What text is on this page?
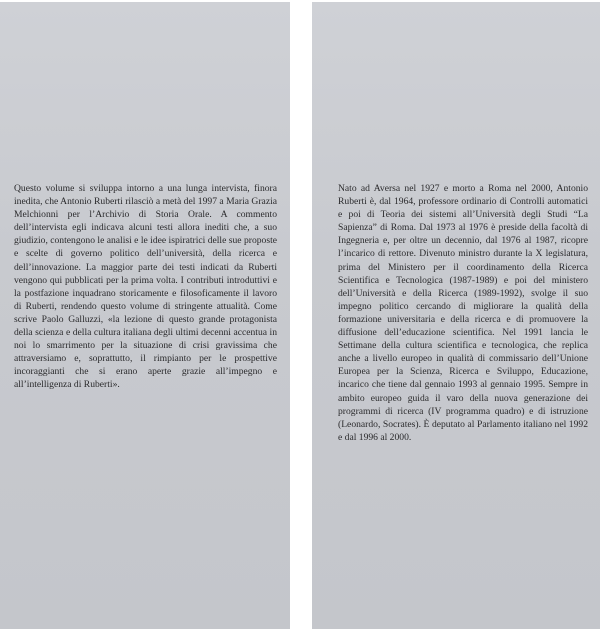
Questo volume si sviluppa intorno a una lunga intervista, finora inedita, che Antonio Ruberti rilasciò a metà del 1997 a Maria Grazia Melchionni per l’Archivio di Storia Orale. A commento dell’intervista egli indicava alcuni testi allora inediti che, a suo giudizio, contengono le analisi e le idee ispiratrici delle sue proposte e scelte di governo politico dell’università, della ricerca e dell’innovazione. La maggior parte dei testi indicati da Ruberti vengono qui pubblicati per la prima volta. I contributi introduttivi e la postfazione inquadrano storicamente e filosoficamente il lavoro di Ruberti, rendendo questo volume di stringente attualità. Come scrive Paolo Galluzzi, «la lezione di questo grande protagonista della scienza e della cultura italiana degli ultimi decenni accentua in noi lo smarrimento per la situazione di crisi gravissima che attraversiamo e, soprattutto, il rimpianto per le prospettive incoraggianti che si erano aperte grazie all’impegno e all’intelligenza di Ruberti».
Nato ad Aversa nel 1927 e morto a Roma nel 2000, Antonio Ruberti è, dal 1964, professore ordinario di Controlli automatici e poi di Teoria dei sistemi all’Università degli Studi “La Sapienza” di Roma. Dal 1973 al 1976 è preside della facoltà di Ingegneria e, per oltre un decennio, dal 1976 al 1987, ricopre l’incarico di rettore. Divenuto ministro durante la X legislatura, prima del Ministero per il coordinamento della Ricerca Scientifica e Tecnologica (1987-1989) e poi del ministero dell’Università e della Ricerca (1989-1992), svolge il suo impegno politico cercando di migliorare la qualità della formazione universitaria e della ricerca e di promuovere la diffusione dell’educazione scientifica. Nel 1991 lancia le Settimane della cultura scientifica e tecnologica, che replica anche a livello europeo in qualità di commissario dell’Unione Europea per la Scienza, Ricerca e Sviluppo, Educazione, incarico che tiene dal gennaio 1993 al gennaio 1995. Sempre in ambito europeo guida il varo della nuova generazione dei programmi di ricerca (IV programma quadro) e di istruzione (Leonardo, Socrates). È deputato al Parlamento italiano nel 1992 e dal 1996 al 2000.
